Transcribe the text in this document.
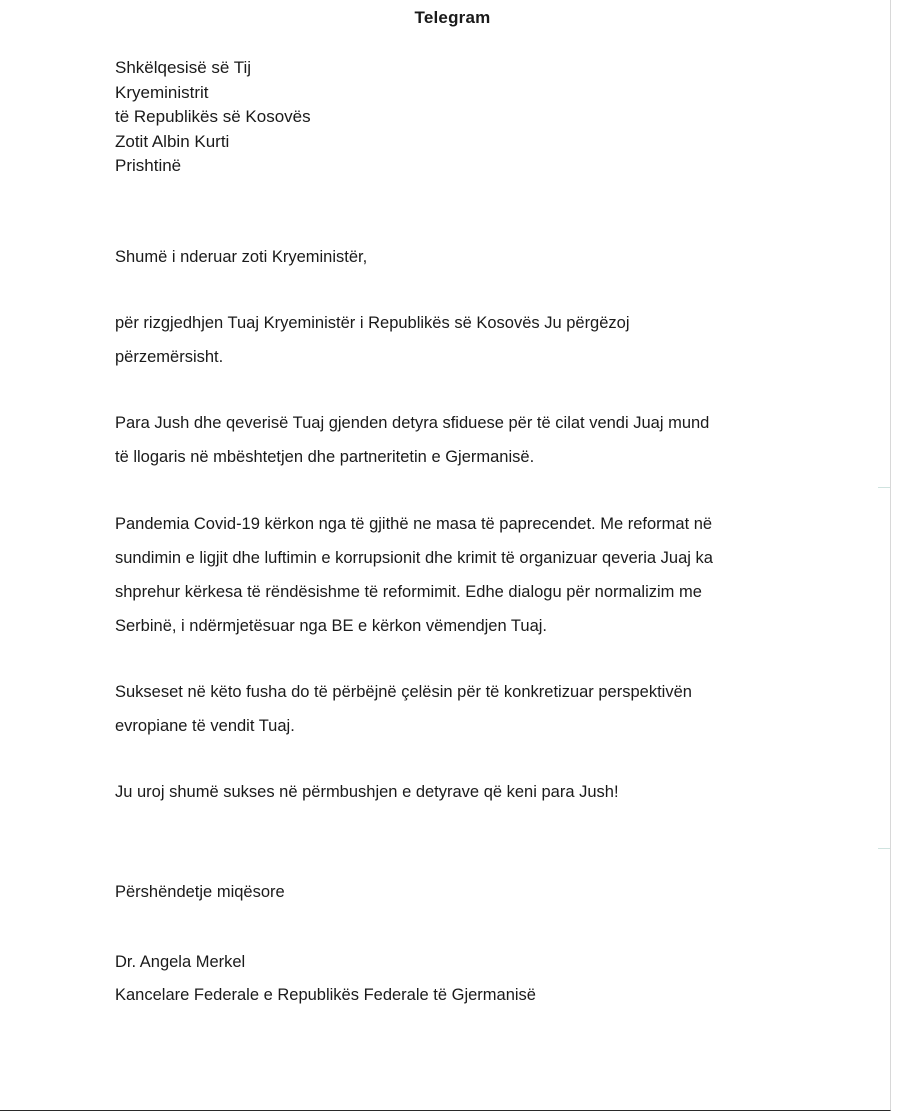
Telegram
Shkëlqesisë së Tij
Kryeministrit
të Republikës së Kosovës
Zotit Albin Kurti
Prishtinë
Shumë i nderuar zoti Kryeministër,
për rizgjedhjen Tuaj Kryeministër i Republikës së Kosovës Ju përgëzoj
përzemërsisht.
Para Jush dhe qeverisë Tuaj gjenden detyra sfiduese për të cilat vendi Juaj mund
të llogaris në mbështetjen dhe partneritetin e Gjermanisë.
Pandemia Covid-19 kërkon nga të gjithë ne masa të paprecendet. Me reformat në
sundimin e ligjit dhe luftimin e korrupsionit dhe krimit të organizuar qeveria Juaj ka
shprehur kërkesa të rëndësishme të reformimit. Edhe dialogu për normalizim me
Serbinë, i ndërmjetësuar nga BE e kërkon vëmendjen Tuaj.
Sukseset në këto fusha do të përbëjnë çelësin për të konkretizuar perspektivën
evropiane të vendit Tuaj.
Ju uroj shumë sukses në përmbushjen e detyrave që keni para Jush!
Përshëndetje miqësore
Dr. Angela Merkel
Kancelare Federale e Republikës Federale të Gjermanisë
